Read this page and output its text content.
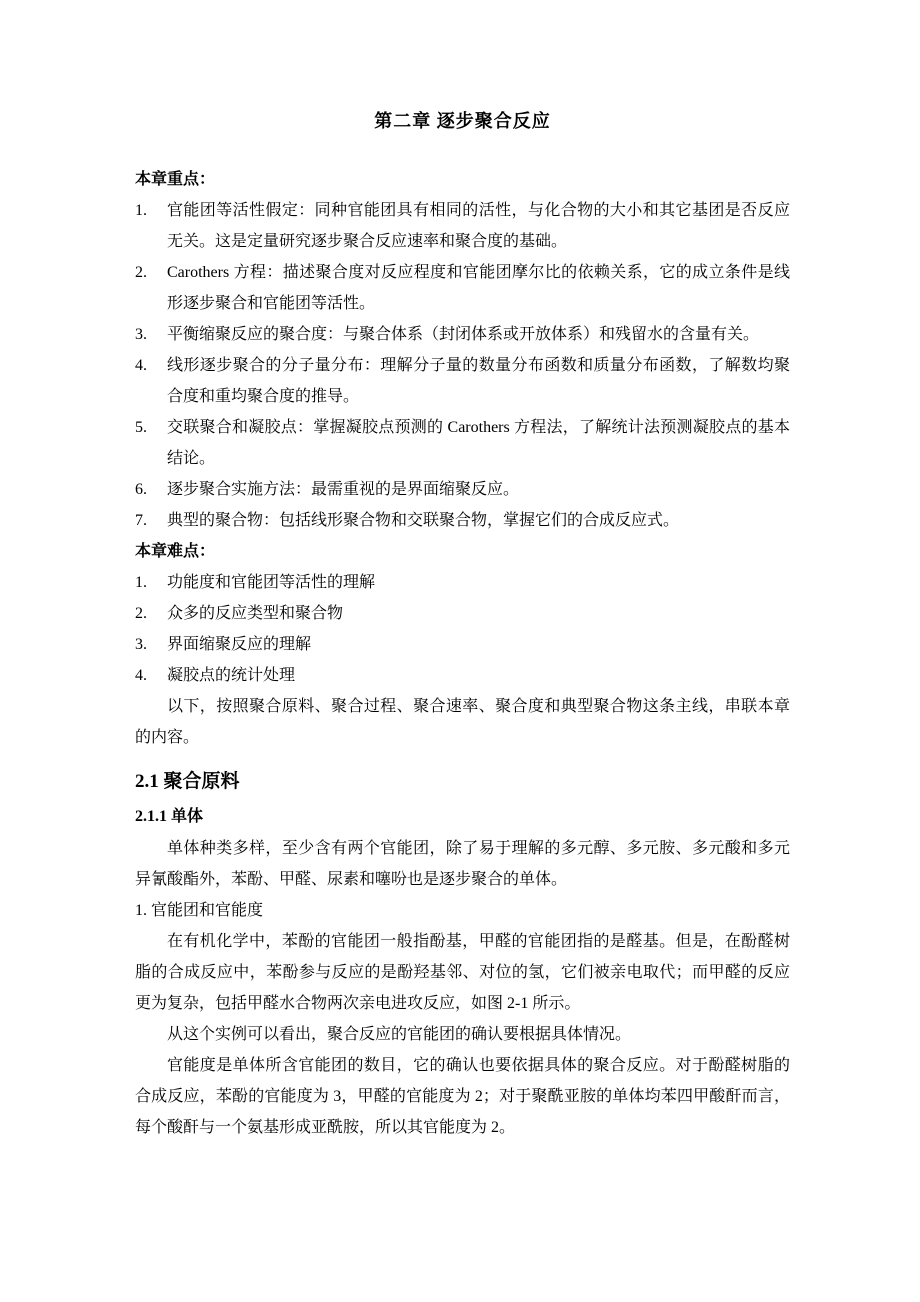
第二章 逐步聚合反应

本章重点：

1.	官能团等活性假定：同种官能团具有相同的活性，与化合物的大小和其它基团是否反应无关。这是定量研究逐步聚合反应速率和聚合度的基础。
2.	Carothers 方程：描述聚合度对反应程度和官能团摩尔比的依赖关系，它的成立条件是线形逐步聚合和官能团等活性。
3.	平衡缩聚反应的聚合度：与聚合体系（封闭体系或开放体系）和残留水的含量有关。
4.	线形逐步聚合的分子量分布：理解分子量的数量分布函数和质量分布函数，了解数均聚合度和重均聚合度的推导。
5.	交联聚合和凝胶点：掌握凝胶点预测的 Carothers 方程法，了解统计法预测凝胶点的基本结论。
6.	逐步聚合实施方法：最需重视的是界面缩聚反应。
7.	典型的聚合物：包括线形聚合物和交联聚合物，掌握它们的合成反应式。

本章难点：

1.	功能度和官能团等活性的理解
2.	众多的反应类型和聚合物
3.	界面缩聚反应的理解
4.	凝胶点的统计处理

以下，按照聚合原料、聚合过程、聚合速率、聚合度和典型聚合物这条主线，串联本章的内容。

2.1 聚合原料
2.1.1 单体

单体种类多样，至少含有两个官能团，除了易于理解的多元醇、多元胺、多元酸和多元异氰酸酯外，苯酚、甲醛、尿素和噻吩也是逐步聚合的单体。

1. 官能团和官能度

在有机化学中，苯酚的官能团一般指酚基，甲醛的官能团指的是醛基。但是，在酚醛树脂的合成反应中，苯酚参与反应的是酚羟基邻、对位的氢，它们被亲电取代；而甲醛的反应更为复杂，包括甲醛水合物两次亲电进攻反应，如图 2-1 所示。

从这个实例可以看出，聚合反应的官能团的确认要根据具体情况。

官能度是单体所含官能团的数目，它的确认也要依据具体的聚合反应。对于酚醛树脂的合成反应，苯酚的官能度为 3，甲醛的官能度为 2；对于聚酰亚胺的单体均苯四甲酸酐而言，每个酸酐与一个氨基形成亚酰胺，所以其官能度为 2。
